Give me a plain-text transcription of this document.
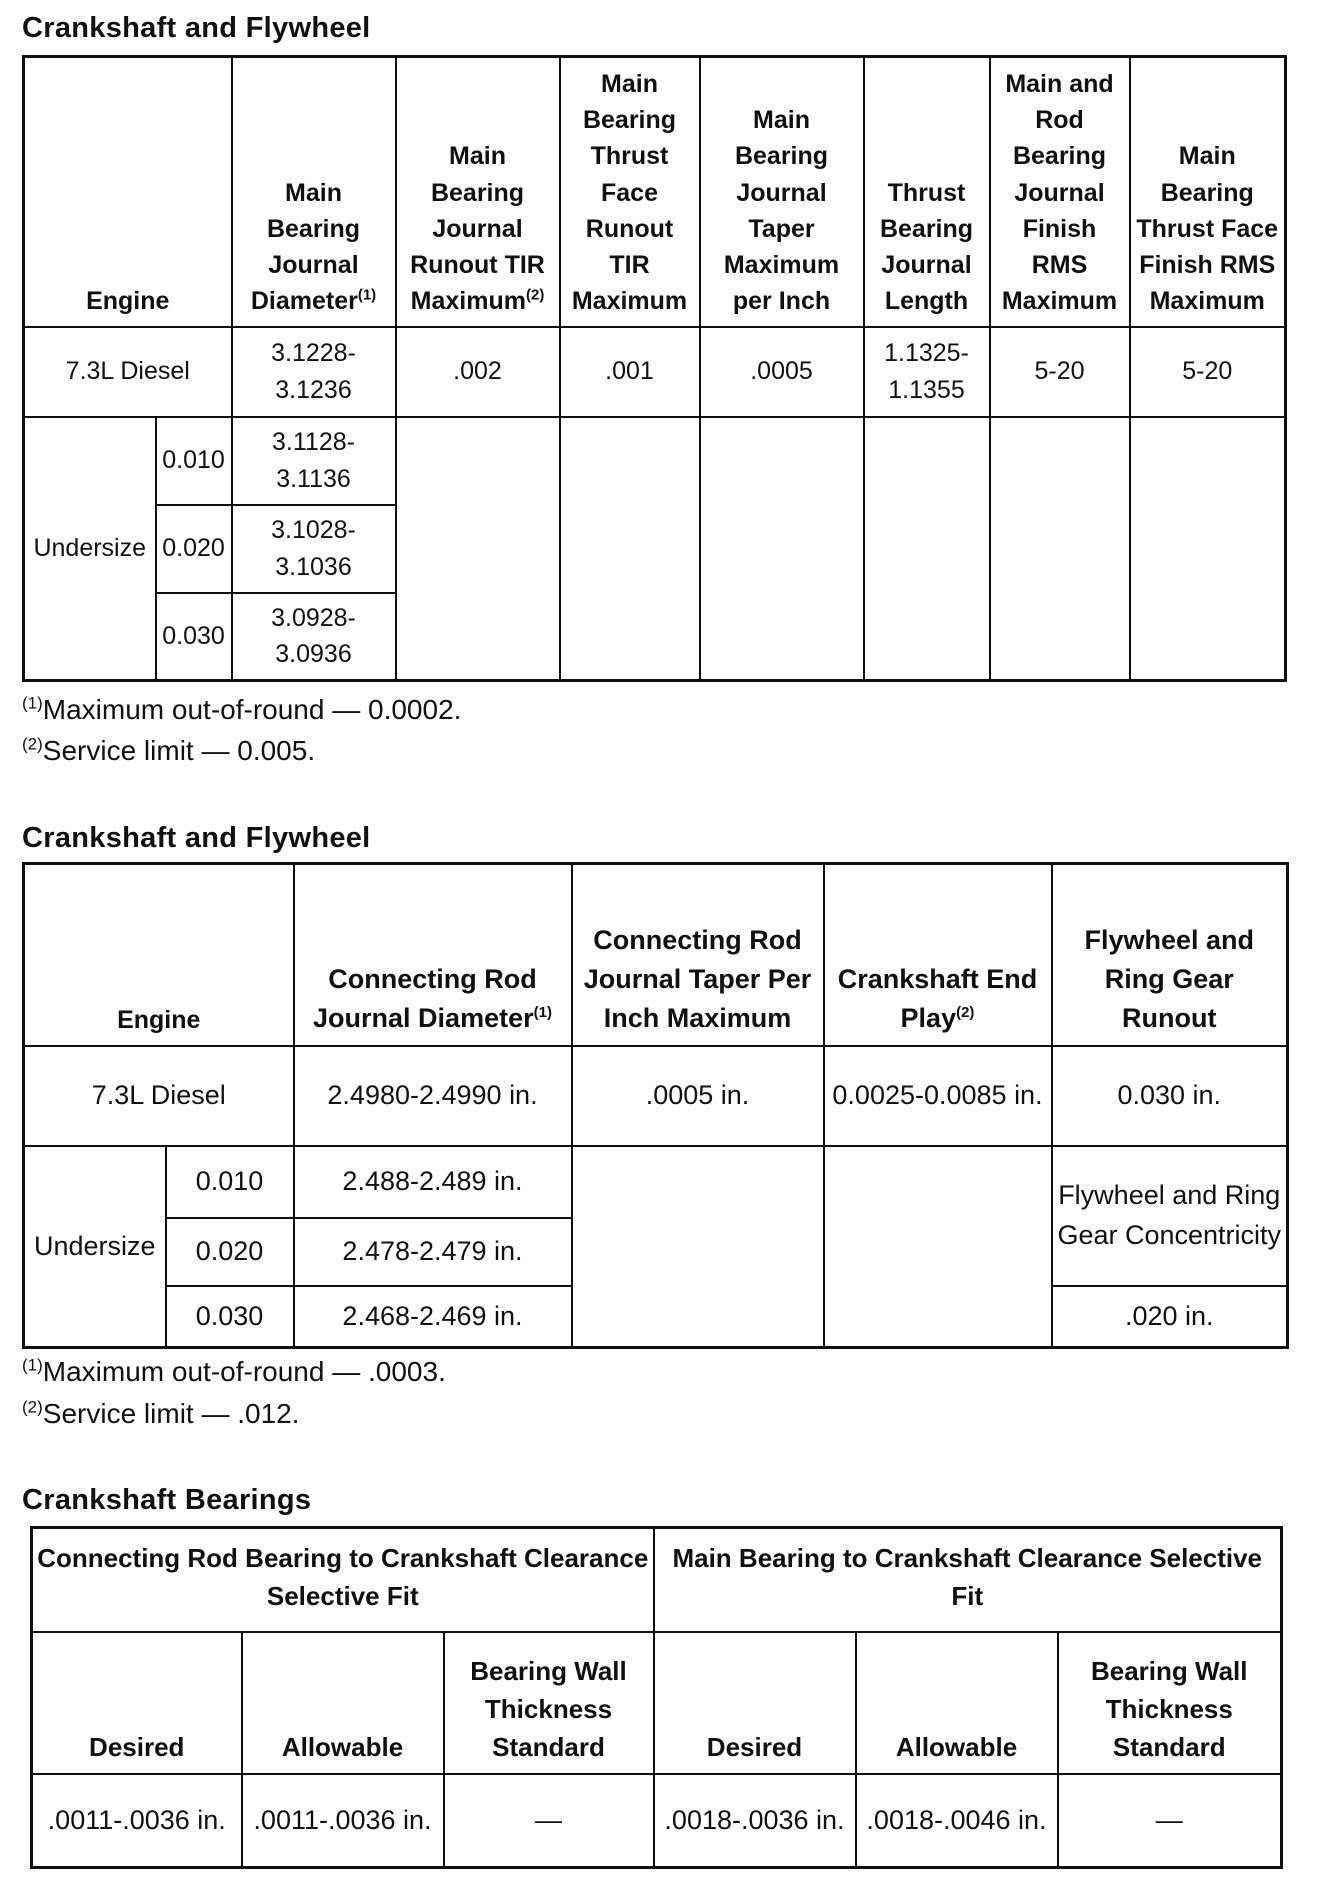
Crankshaft and Flywheel
Engine		Main Bearing Journal Diameter$^{(1)}$	Main Bearing Journal Runout TIR Maximum$^{(2)}$	Main Bearing Thrust Face Runout TIR Maximum	Main Bearing Journal Taper Maximum per Inch	Thrust Bearing Journal Length	Main and Rod Bearing Journal Finish RMS Maximum	Main Bearing Thrust Face Finish RMS Maximum
7.3L Diesel		3.1228-3.1236	.002	.001	.0005	1.1325-1.1355	5-20	5-20
Undersize	0.010	3.1128-3.1136						
	0.020	3.1028-3.1036						
	0.030	3.0928-3.0936						

$^{(1)}$Maximum out-of-round — 0.0002.

$^{(2)}$Service limit — 0.005.

Crankshaft and Flywheel
Engine		Connecting Rod Journal Diameter$^{(1)}$	Connecting Rod Journal Taper Per Inch Maximum	Crankshaft End Play$^{(2)}$	Flywheel and Ring Gear Runout
7.3L Diesel		2.4980-2.4990 in.	.0005 in.	0.0025-0.0085 in.	0.030 in.
Undersize	0.010	2.488-2.489 in.			Flywheel and Ring Gear Concentricity
	0.020	2.478-2.479 in.			
	0.030	2.468-2.469 in.			.020 in.

$^{(1)}$Maximum out-of-round — .0003.

$^{(2)}$Service limit — .012.

Crankshaft Bearings
Connecting Rod Bearing to Crankshaft Clearance Selective Fit			Main Bearing to Crankshaft Clearance Selective Fit		
Desired	Allowable	Bearing Wall Thickness Standard	Desired	Allowable	Bearing Wall Thickness Standard
.0011-.0036 in.	.0011-.0036 in.	—	.0018-.0036 in.	.0018-.0046 in.	—
